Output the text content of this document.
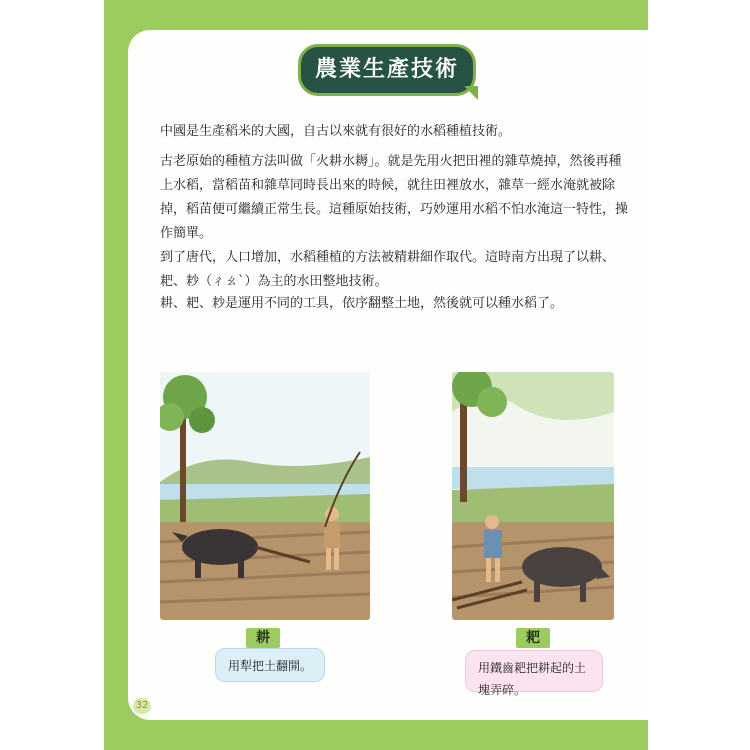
農業生產技術

中國是生產稻米的大國，自古以來就有很好的水稻種植技術。

古老原始的種植方法叫做「火耕水耨」。就是先用火把田裡的雜草燒掉，然後再種上水稻，當稻苗和雜草同時長出來的時候，就往田裡放水，雜草一經水淹就被除掉，稻苗便可繼續正常生長。這種原始技術，巧妙運用水稻不怕水淹這一特性，操作簡單。

到了唐代，人口增加，水稻種植的方法被精耕細作取代。這時南方出現了以耕、耙、耖（ㄔㄠˋ）為主的水田整地技術。

耕、耙、耖是運用不同的工具，依序翻整土地，然後就可以種水稻了。

耕
用犁把土翻開。
耙
用鐵齒耙把耕起的土塊弄碎。
32
